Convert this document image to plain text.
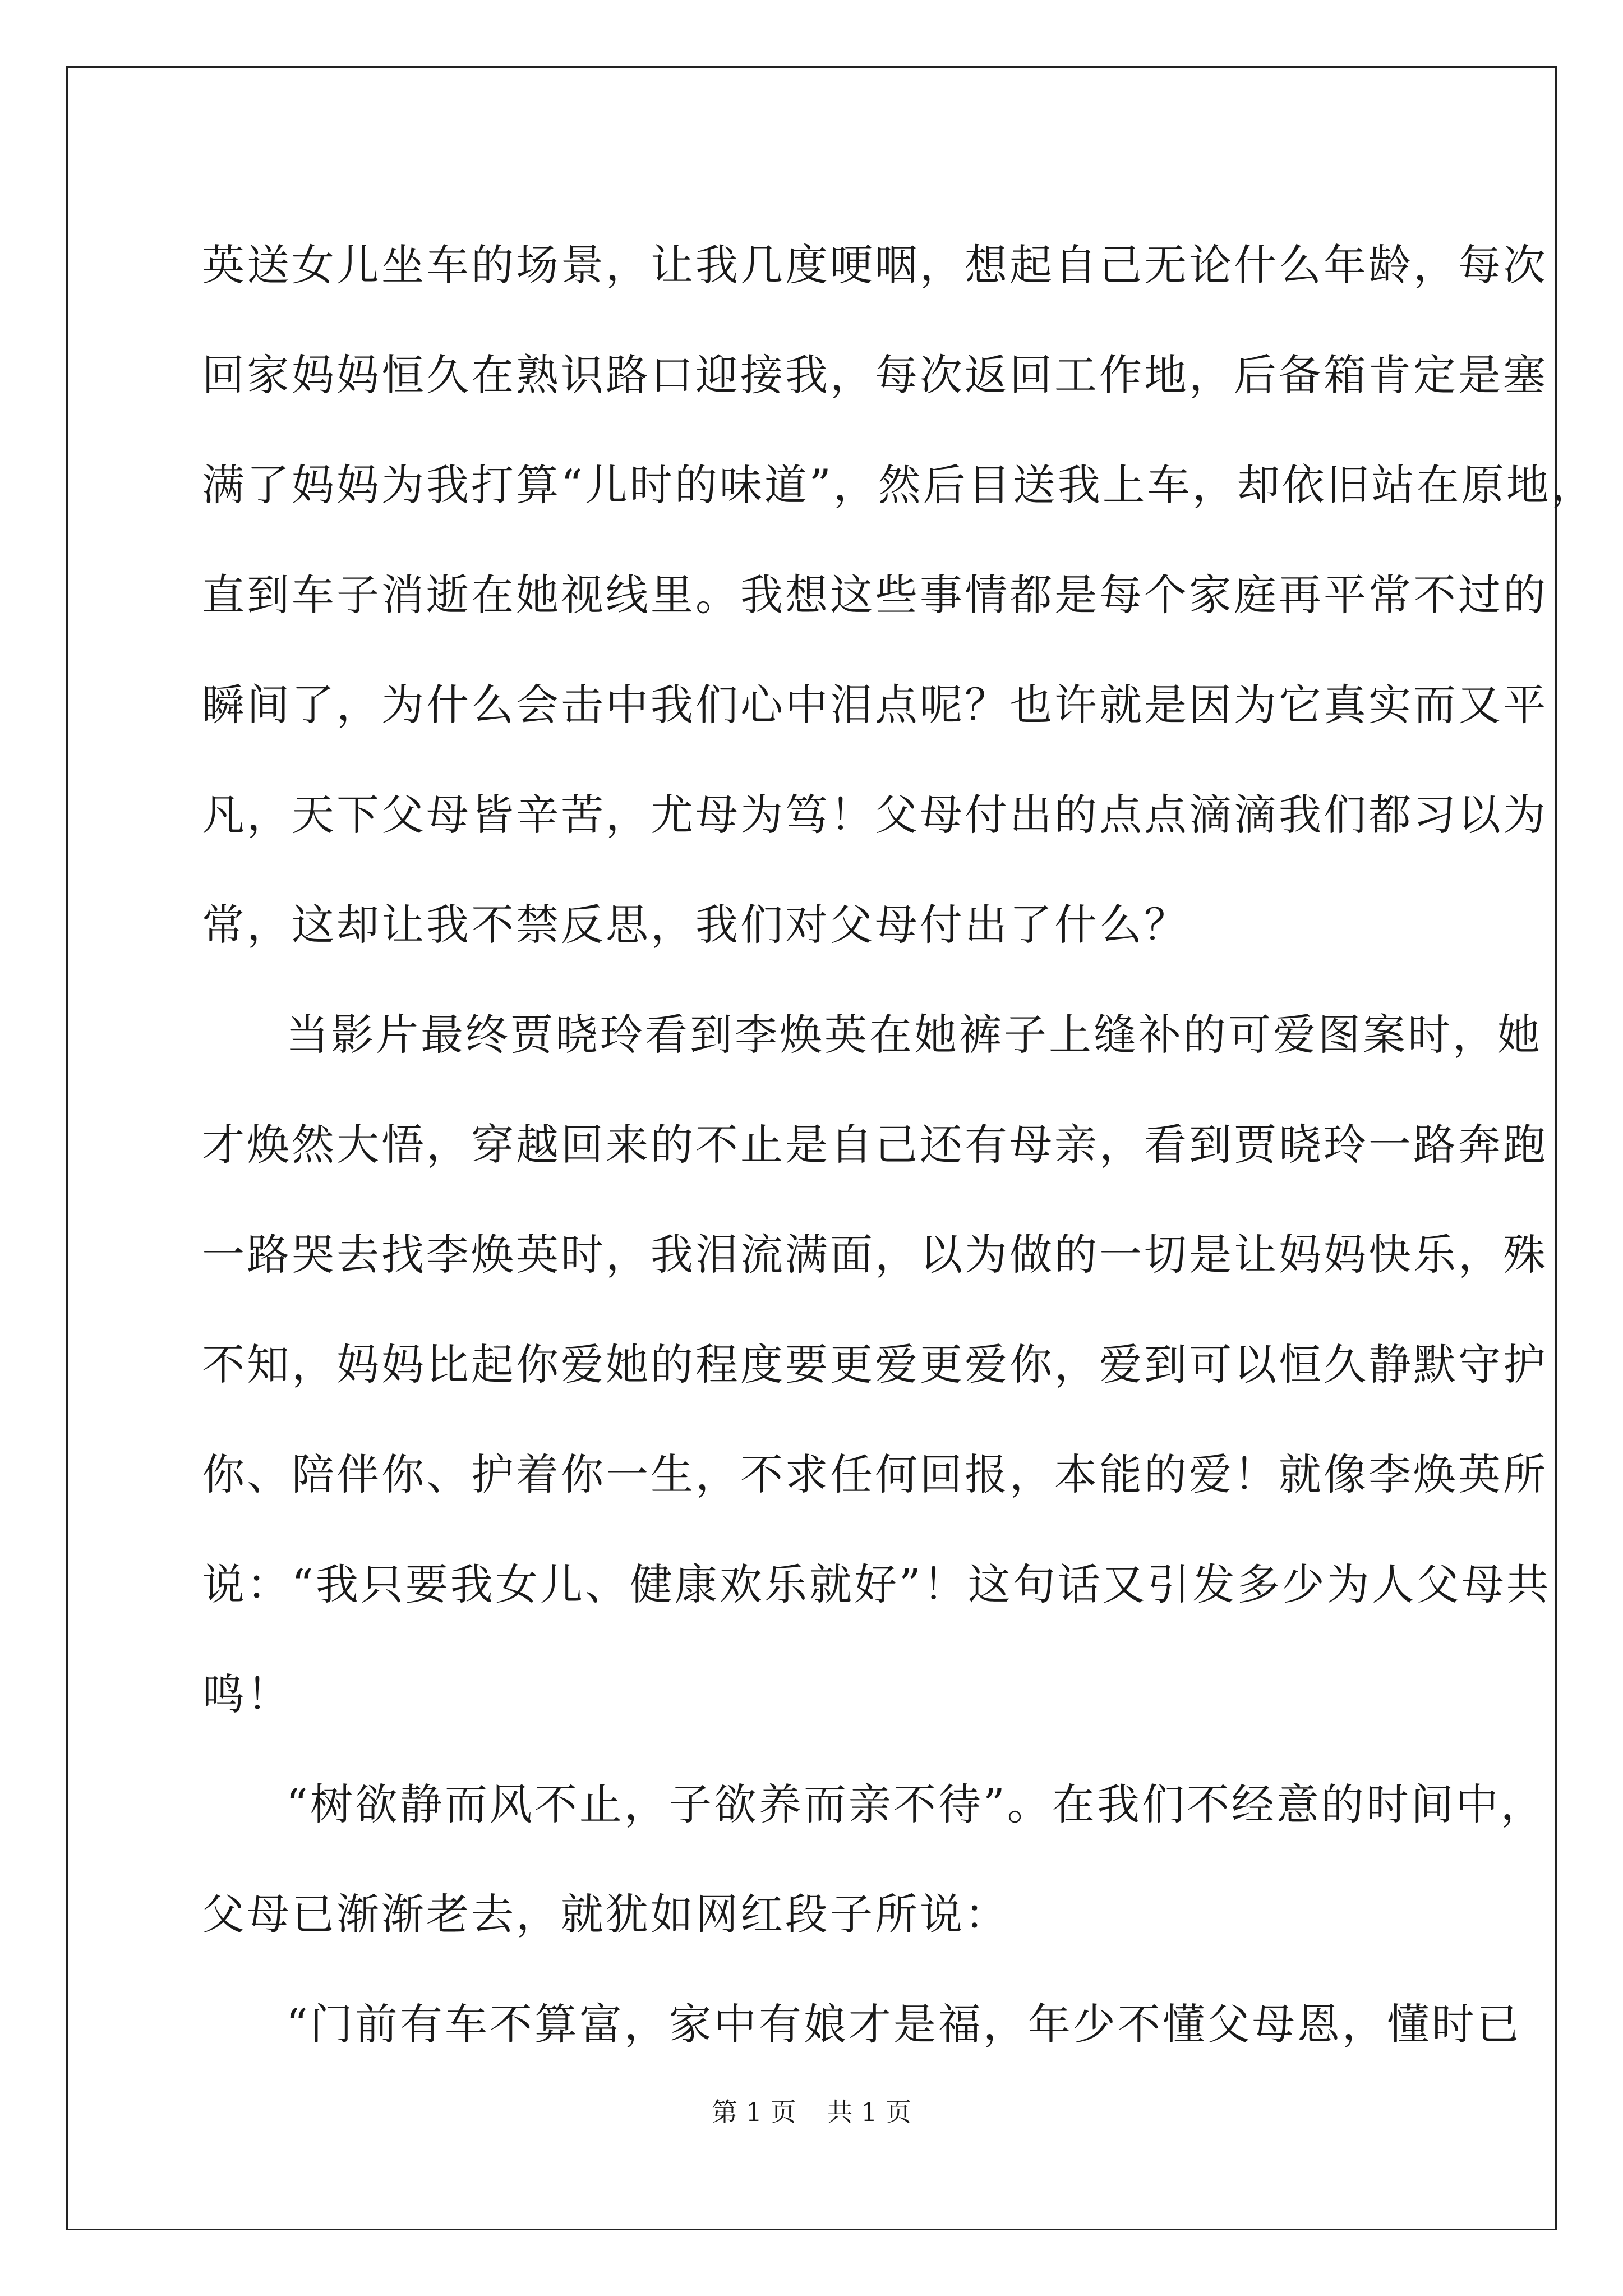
英送女儿坐车的场景，让我几度哽咽，想起自己无论什么年龄，每次
回家妈妈恒久在熟识路口迎接我，每次返回工作地，后备箱肯定是塞
满了妈妈为我打算“儿时的味道”，然后目送我上车，却依旧站在原地，
直到车子消逝在她视线里。我想这些事情都是每个家庭再平常不过的
瞬间了，为什么会击中我们心中泪点呢？也许就是因为它真实而又平
凡，天下父母皆辛苦，尤母为笃！父母付出的点点滴滴我们都习以为
常，这却让我不禁反思，我们对父母付出了什么？
当影片最终贾晓玲看到李焕英在她裤子上缝补的可爱图案时，她
才焕然大悟，穿越回来的不止是自己还有母亲，看到贾晓玲一路奔跑
一路哭去找李焕英时，我泪流满面，以为做的一切是让妈妈快乐，殊
不知，妈妈比起你爱她的程度要更爱更爱你，爱到可以恒久静默守护
你、陪伴你、护着你一生，不求任何回报，本能的爱！就像李焕英所
说：“我只要我女儿、健康欢乐就好”！这句话又引发多少为人父母共
鸣！
“树欲静而风不止，子欲养而亲不待”。在我们不经意的时间中，
父母已渐渐老去，就犹如网红段子所说：
“门前有车不算富，家中有娘才是福，年少不懂父母恩，懂时已
第 1 页 共 1 页
